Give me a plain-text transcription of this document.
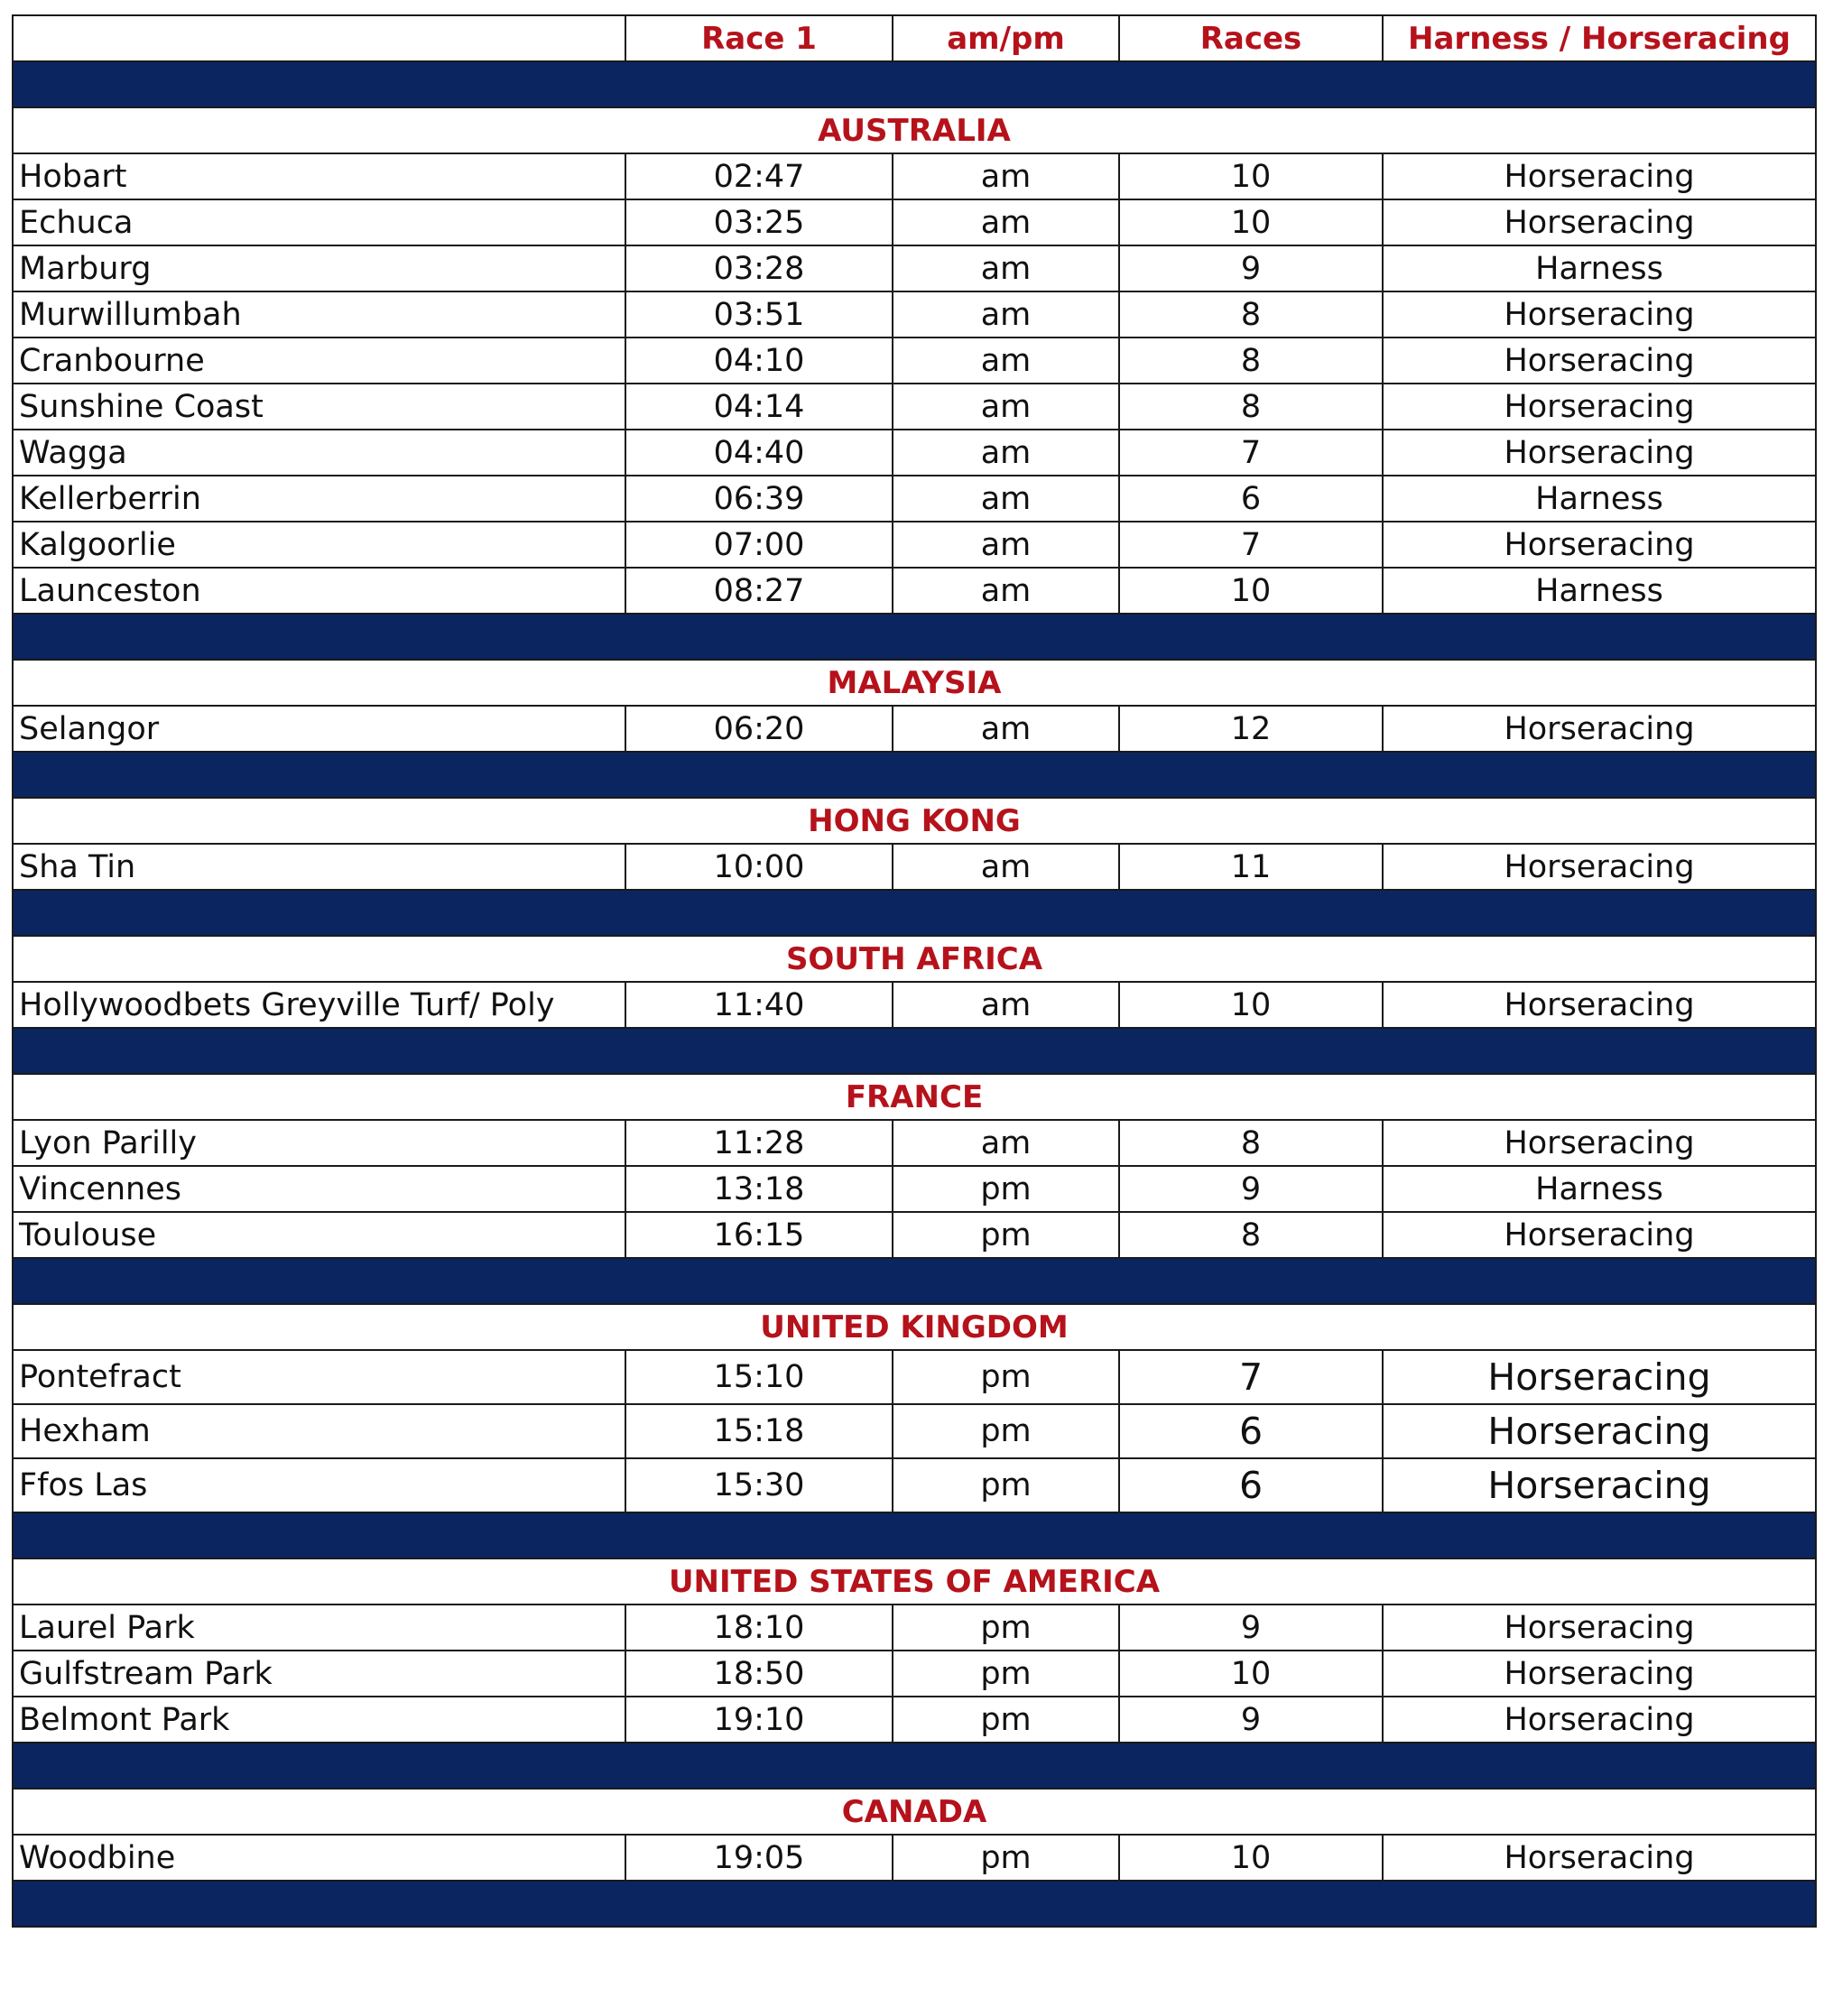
	Race 1	am/pm	Races	Harness / Horseracing

AUSTRALIA				
Hobart	02:47	am	10	Horseracing
Echuca	03:25	am	10	Horseracing
Marburg	03:28	am	9	Harness
Murwillumbah	03:51	am	8	Horseracing
Cranbourne	04:10	am	8	Horseracing
Sunshine Coast	04:14	am	8	Horseracing
Wagga	04:40	am	7	Horseracing
Kellerberrin	06:39	am	6	Harness
Kalgoorlie	07:00	am	7	Horseracing
Launceston	08:27	am	10	Harness

MALAYSIA				
Selangor	06:20	am	12	Horseracing

HONG KONG				
Sha Tin	10:00	am	11	Horseracing

SOUTH AFRICA				
Hollywoodbets Greyville Turf/ Poly	11:40	am	10	Horseracing

FRANCE				
Lyon Parilly	11:28	am	8	Horseracing
Vincennes	13:18	pm	9	Harness
Toulouse	16:15	pm	8	Horseracing

UNITED KINGDOM				
Pontefract	15:10	pm	7	Horseracing
Hexham	15:18	pm	6	Horseracing
Ffos Las	15:30	pm	6	Horseracing

UNITED STATES OF AMERICA				
Laurel Park	18:10	pm	9	Horseracing
Gulfstream Park	18:50	pm	10	Horseracing
Belmont Park	19:10	pm	9	Horseracing

CANADA				
Woodbine	19:05	pm	10	Horseracing
